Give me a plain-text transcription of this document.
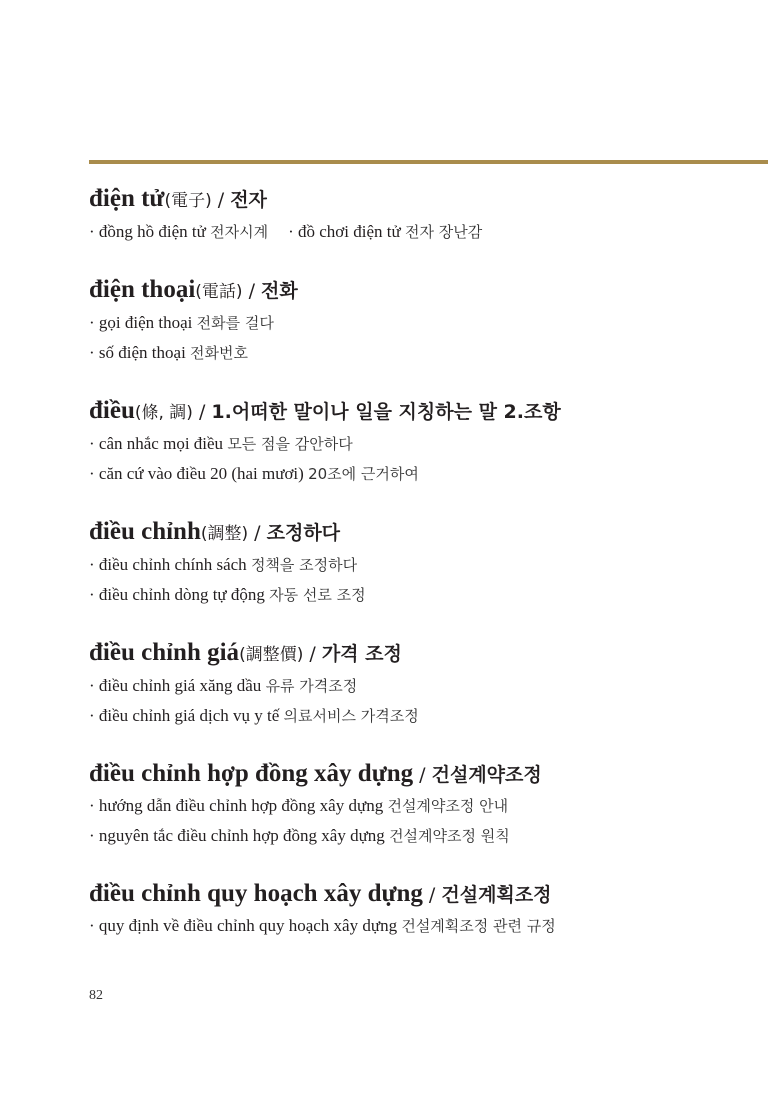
điện tử(電子) / 전자
· đồng hồ điện tử 전자시계 · đồ chơi điện tử 전자 장난감
điện thoại(電話) / 전화
· gọi điện thoại 전화를 걸다
· số điện thoại 전화번호
điều(條, 調) / 1.어떠한 말이나 일을 지칭하는 말 2.조항
· cân nhắc mọi điều 모든 점을 감안하다
· căn cứ vào điều 20 (hai mươi) 20조에 근거하여
điều chỉnh(調整) / 조정하다
· điều chỉnh chính sách 정책을 조정하다
· điều chỉnh dòng tự động 자동 선로 조정
điều chỉnh giá(調整價) / 가격 조정
· điều chỉnh giá xăng dầu 유류 가격조정
· điều chỉnh giá dịch vụ y tế 의료서비스 가격조정
điều chỉnh hợp đồng xây dựng / 건설계약조정
· hướng dẫn điều chỉnh hợp đồng xây dựng 건설계약조정 안내
· nguyên tắc điều chỉnh hợp đồng xây dựng 건설계약조정 원칙
điều chỉnh quy hoạch xây dựng / 건설계획조정
· quy định về điều chỉnh quy hoạch xây dựng 건설계획조정 관련 규정
82
